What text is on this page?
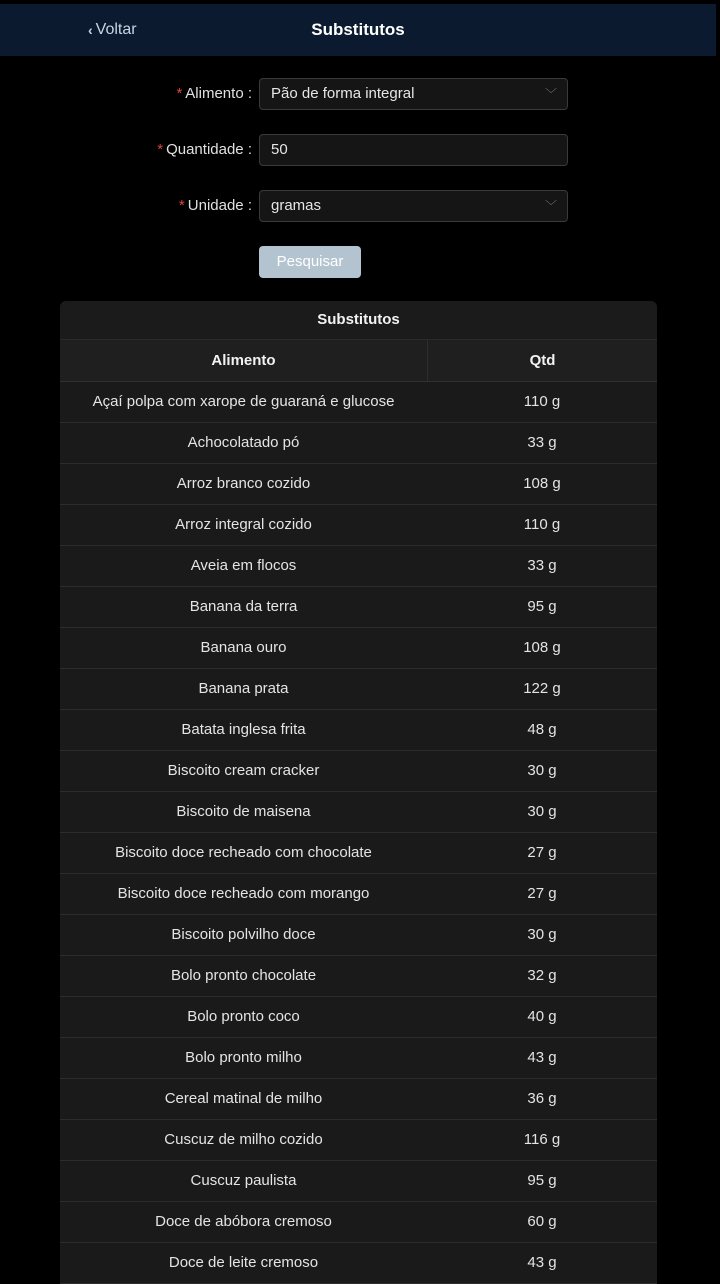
‹ Voltar	Substitutos
* Alimento :	Pão de forma integral	﹀
* Quantidade :	50
* Unidade :	gramas	﹀
Pesquisar
Substitutos
Alimento	Qtd
Açaí polpa com xarope de guaraná e glucose	110 g
Achocolatado pó	33 g
Arroz branco cozido	108 g
Arroz integral cozido	110 g
Aveia em flocos	33 g
Banana da terra	95 g
Banana ouro	108 g
Banana prata	122 g
Batata inglesa frita	48 g
Biscoito cream cracker	30 g
Biscoito de maisena	30 g
Biscoito doce recheado com chocolate	27 g
Biscoito doce recheado com morango	27 g
Biscoito polvilho doce	30 g
Bolo pronto chocolate	32 g
Bolo pronto coco	40 g
Bolo pronto milho	43 g
Cereal matinal de milho	36 g
Cuscuz de milho cozido	116 g
Cuscuz paulista	95 g
Doce de abóbora cremoso	60 g
Doce de leite cremoso	43 g
